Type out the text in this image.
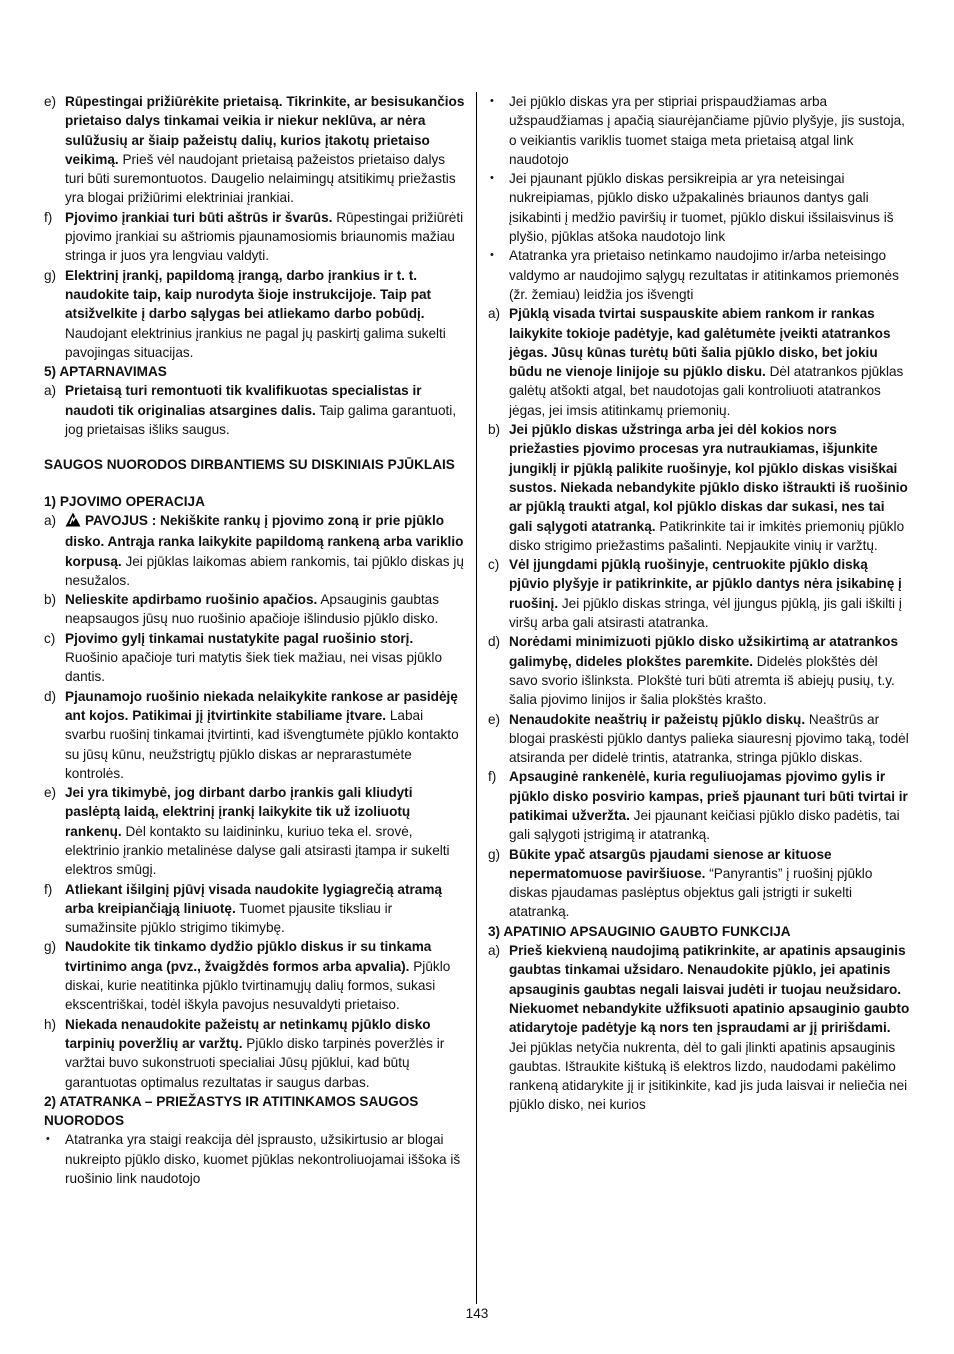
e) Rūpestingai prižiūrėkite prietaisą. Tikrinkite, ar besisukančios prietaiso dalys tinkamai veikia ir niekur neklūva, ar nėra sulūžusių ar šiaip pažeistų dalių, kurios įtakotų prietaiso veikimą. Prieš vėl naudojant prietaisą pažeistos prietaiso dalys turi būti suremontuotos. Daugelio nelaimingų atsitikimų priežastis yra blogai prižiūrimi elektriniai įrankiai.

f) Pjovimo įrankiai turi būti aštrūs ir švarūs. Rūpestingai prižiūrėti pjovimo įrankiai su aštriomis pjaunamosiomis briaunomis mažiau stringa ir juos yra lengviau valdyti.

g) Elektrinį įrankį, papildomą įrangą, darbo įrankius ir t. t. naudokite taip, kaip nurodyta šioje instrukcijoje. Taip pat atsižvelkite į darbo sąlygas bei atliekamo darbo pobūdį. Naudojant elektrinius įrankius ne pagal jų paskirtį galima sukelti pavojingas situacijas.

5) APTARNAVIMAS

a) Prietaisą turi remontuoti tik kvalifikuotas specialistas ir naudoti tik originalias atsargines dalis. Taip galima garantuoti, jog prietaisas išliks saugus.

SAUGOS NUORODOS DIRBANTIEMS SU DISKINIAIS PJŪKLAIS

1) PJOVIMO OPERACIJA

a) PAVOJUS : Nekiškite rankų į pjovimo zoną ir prie pjūklo disko. Antrąja ranka laikykite papildomą rankeną arba variklio korpusą. Jei pjūklas laikomas abiem rankomis, tai pjūklo diskas jų nesužalos.

b) Nelieskite apdirbamo ruošinio apačios. Apsauginis gaubtas neapsaugos jūsų nuo ruošinio apačioje išlindusio pjūklo disko.

c) Pjovimo gylį tinkamai nustatykite pagal ruošinio storį. Ruošinio apačioje turi matytis šiek tiek mažiau, nei visas pjūklo dantis.

d) Pjaunamojo ruošinio niekada nelaikykite rankose ar pasidėję ant kojos. Patikimai jį įtvirtinkite stabiliame įtvare. Labai svarbu ruošinį tinkamai įtvirtinti, kad išvengtumėte pjūklo kontakto su jūsų kūnu, neužstrigtų pjūklo diskas ar neprarastumėte kontrolės.

e) Jei yra tikimybė, jog dirbant darbo įrankis gali kliudyti paslėptą laidą, elektrinį įrankį laikykite tik už izoliuotų rankenų. Dėl kontakto su laidininku, kuriuo teka el. srovė, elektrinio įrankio metalinėse dalyse gali atsirasti įtampa ir sukelti elektros smūgį.

f) Atliekant išilginį pjūvį visada naudokite lygiagrečią atramą arba kreipiančiąją liniuotę. Tuomet pjausite tiksliau ir sumažinsite pjūklo strigimo tikimybę.

g) Naudokite tik tinkamo dydžio pjūklo diskus ir su tinkama tvirtinimo anga (pvz., žvaigždės formos arba apvalia). Pjūklo diskai, kurie neatitinka pjūklo tvirtinamųjų dalių formos, sukasi ekscentriškai, todėl iškyla pavojus nesuvaldyti prietaiso.

h) Niekada nenaudokite pažeistų ar netinkamų pjūklo disko tarpinių poveržlių ar varžtų. Pjūklo disko tarpinės poveržlės ir varžtai buvo sukonstruoti specialiai Jūsų pjūklui, kad būtų garantuotas optimalus rezultatas ir saugus darbas.

2) ATATRANKA – PRIEŽASTYS IR ATITINKAMOS SAUGOS NUORODOS

• Atatranka yra staigi reakcija dėl įsprausto, užsikirtusio ar blogai nukreipto pjūklo disko, kuomet pjūklas nekontroliuojamai iššoka iš ruošinio link naudotojo

• Jei pjūklo diskas yra per stipriai prispaudžiamas arba užspaudžiamas į apačią siaurėjančiame pjūvio plyšyje, jis sustoja, o veikiantis variklis tuomet staiga meta prietaisą atgal link naudotojo

• Jei pjaunant pjūklo diskas persikreipia ar yra neteisingai nukreipiamas, pjūklo disko užpakalinės briaunos dantys gali įsikabinti į medžio paviršių ir tuomet, pjūklo diskui išsilaisvinus iš plyšio, pjūklas atšoka naudotojo link

• Atatranka yra prietaiso netinkamo naudojimo ir/arba neteisingo valdymo ar naudojimo sąlygų rezultatas ir atitinkamos priemonės (žr. žemiau) leidžia jos išvengti

a) Pjūklą visada tvirtai suspauskite abiem rankom ir rankas laikykite tokioje padėtyje, kad galėtumėte įveikti atatrankos jėgas. Jūsų kūnas turėtų būti šalia pjūklo disko, bet jokiu būdu ne vienoje linijoje su pjūklo disku. Dėl atatrankos pjūklas galėtų atšokti atgal, bet naudotojas gali kontroliuoti atatrankos jėgas, jei imsis atitinkamų priemonių.

b) Jei pjūklo diskas užstringa arba jei dėl kokios nors priežasties pjovimo procesas yra nutraukiamas, išjunkite jungiklį ir pjūklą palikite ruošinyje, kol pjūklo diskas visiškai sustos. Niekada nebandykite pjūklo disko ištraukti iš ruošinio ar pjūklą traukti atgal, kol pjūklo diskas dar sukasi, nes tai gali sąlygoti atatranką. Patikrinkite tai ir imkitės priemonių pjūklo disko strigimo priežastims pašalinti. Nepjaukite vinių ir varžtų.

c) Vėl įjungdami pjūklą ruošinyje, centruokite pjūklo diską pjūvio plyšyje ir patikrinkite, ar pjūklo dantys nėra įsikabinę į ruošinį. Jei pjūklo diskas stringa, vėl įjungus pjūklą, jis gali iškilti į viršų arba gali atsirasti atatranka.

d) Norėdami minimizuoti pjūklo disko užsikirtimą ar atatrankos galimybę, dideles plokštes paremkite. Didelės plokštės dėl savo svorio išlinksta. Plokštė turi būti atremta iš abiejų pusių, t.y. šalia pjovimo linijos ir šalia plokštės krašto.

e) Nenaudokite neaštrių ir pažeistų pjūklo diskų. Neaštrūs ar blogai praskėsti pjūklo dantys palieka siauresnį pjovimo taką, todėl atsiranda per didelė trintis, atatranka, stringa pjūklo diskas.

f) Apsauginė rankenėlė, kuria reguliuojamas pjovimo gylis ir pjūklo disko posvirio kampas, prieš pjaunant turi būti tvirtai ir patikimai užveržta. Jei pjaunant keičiasi pjūklo disko padėtis, tai gali sąlygoti įstrigimą ir atatranką.

g) Būkite ypač atsargūs pjaudami sienose ar kituose nepermatomuose paviršiuose. “Panyrantis” į ruošinį pjūklo diskas pjaudamas paslėptus objektus gali įstrigti ir sukelti atatranką.

3) APATINIO APSAUGINIO GAUBTO FUNKCIJA

a) Prieš kiekvieną naudojimą patikrinkite, ar apatinis apsauginis gaubtas tinkamai užsidaro. Nenaudokite pjūklo, jei apatinis apsauginis gaubtas negali laisvai judėti ir tuojau neužsidaro. Niekuomet nebandykite užfiksuoti apatinio apsauginio gaubto atidarytoje padėtyje ką nors ten įspraudami ar jį pririšdami. Jei pjūklas netyčia nukrenta, dėl to gali įlinkti apatinis apsauginis gaubtas. Ištraukite kištuką iš elektros lizdo, naudodami pakėlimo rankeną atidarykite jį ir įsitikinkite, kad jis juda laisvai ir neliečia nei pjūklo disko, nei kurios

143
